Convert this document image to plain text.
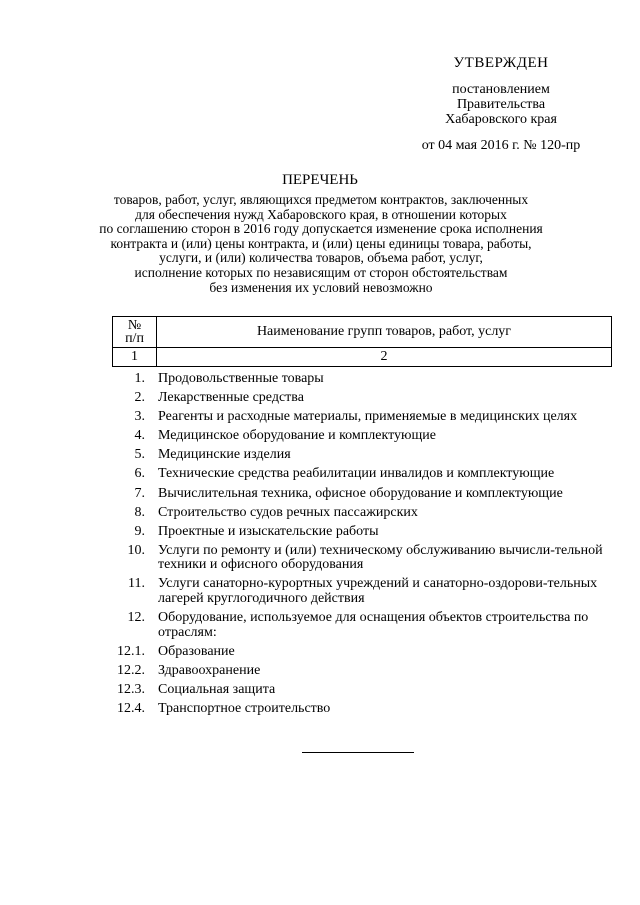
УТВЕРЖДЕН
постановлением
Правительства
Хабаровского края
от 04 мая 2016 г. № 120-пр
ПЕРЕЧЕНЬ
товаров, работ, услуг, являющихся предметом контрактов, заключенных
для обеспечения нужд Хабаровского края, в отношении которых
по соглашению сторон в 2016 году допускается изменение срока исполнения
контракта и (или) цены контракта, и (или) цены единицы товара, работы,
услуги, и (или) количества товаров, объема работ, услуг,
исполнение которых по независящим от сторон обстоятельствам
без изменения их условий невозможно
№
п/п	Наименование групп товаров, работ, услуг
1	2
1. Продовольственные товары
2. Лекарственные средства
3. Реагенты и расходные материалы, применяемые в медицинских целях
4. Медицинское оборудование и комплектующие
5. Медицинские изделия
6. Технические средства реабилитации инвалидов и комплектующие
7. Вычислительная техника, офисное оборудование и комплектующие
8. Строительство судов речных пассажирских
9. Проектные и изыскательские работы
10. Услуги по ремонту и (или) техническому обслуживанию вычисли-тельной техники и офисного оборудования
11. Услуги санаторно-курортных учреждений и санаторно-оздорови-тельных лагерей круглогодичного действия
12. Оборудование, используемое для оснащения объектов строительства по отраслям:
12.1. Образование
12.2. Здравоохранение
12.3. Социальная защита
12.4. Транспортное строительство
